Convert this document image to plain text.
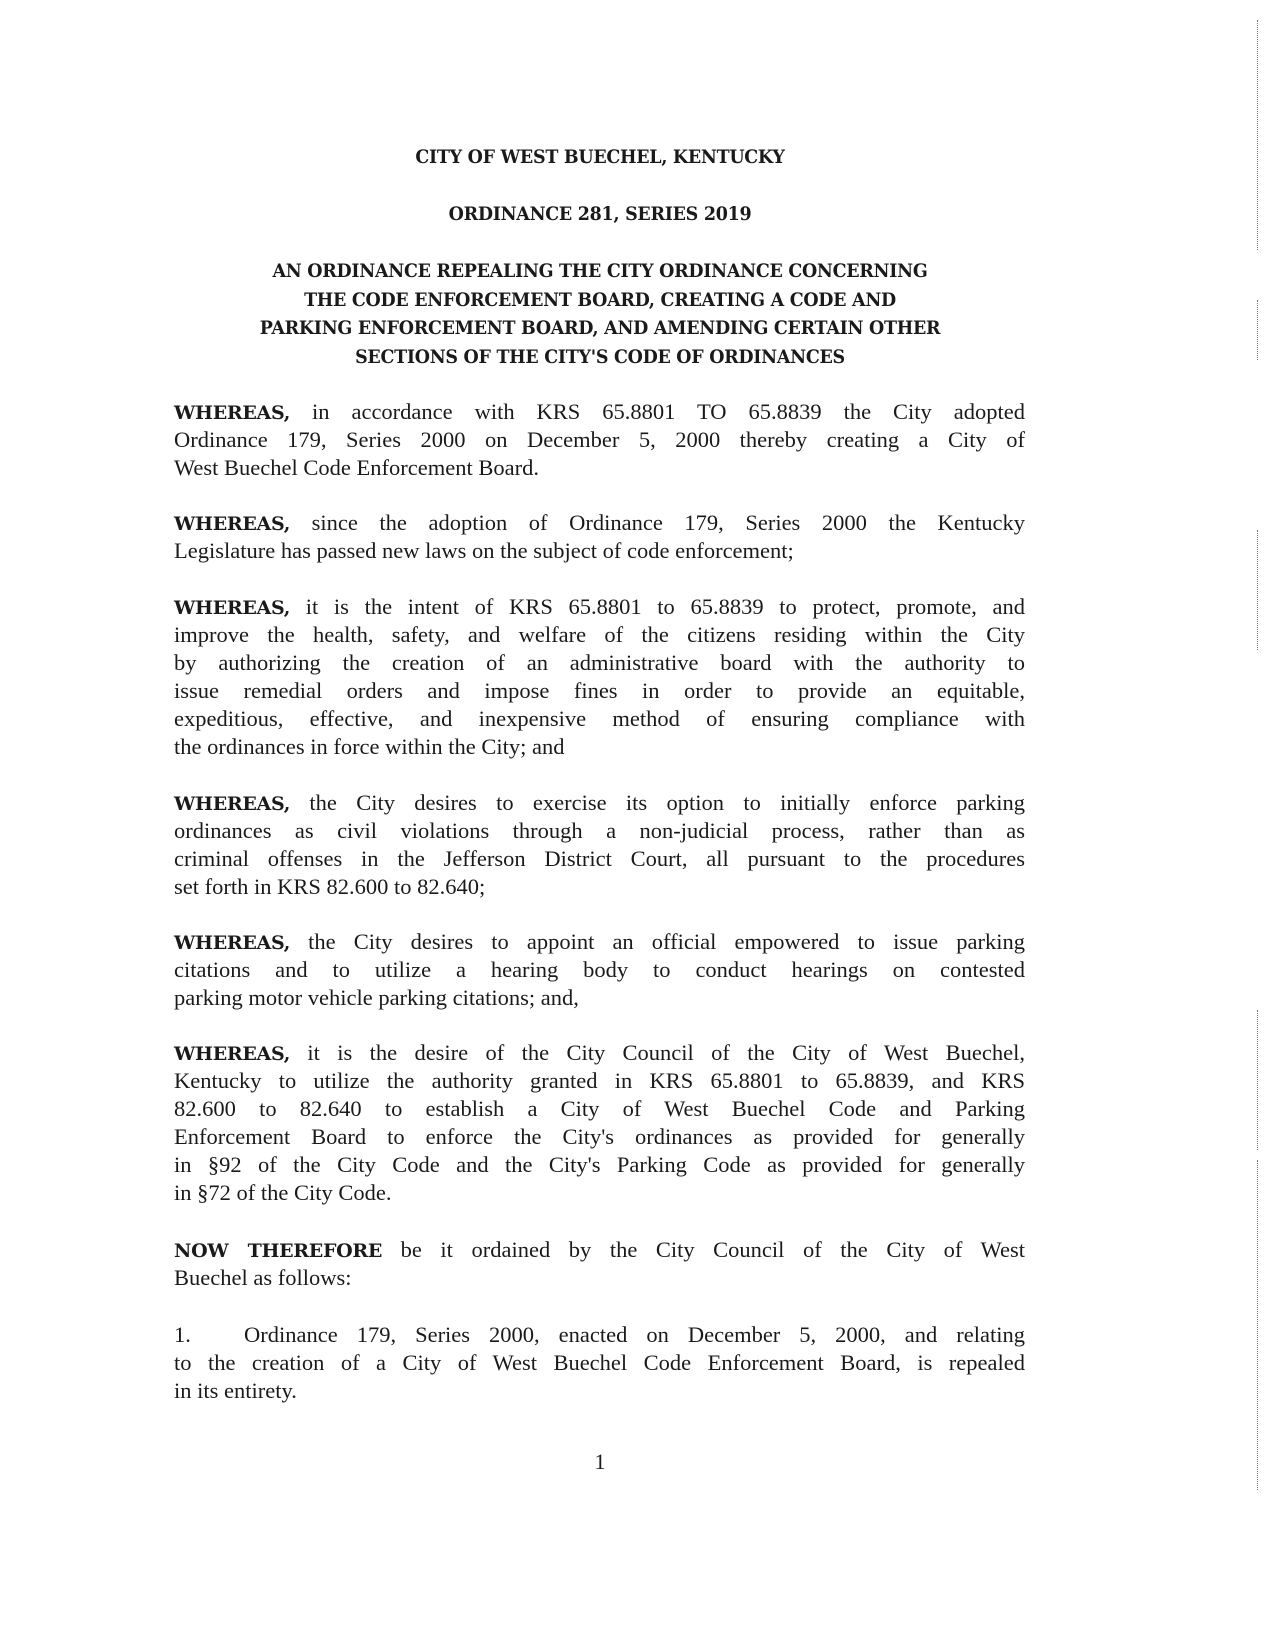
CITY OF WEST BUECHEL, KENTUCKY
ORDINANCE 281, SERIES 2019
AN ORDINANCE REPEALING THE CITY ORDINANCE CONCERNING
THE CODE ENFORCEMENT BOARD, CREATING A CODE AND
PARKING ENFORCEMENT BOARD, AND AMENDING CERTAIN OTHER
SECTIONS OF THE CITY'S CODE OF ORDINANCES
WHEREAS, in accordance with KRS 65.8801 TO 65.8839 the City adopted
Ordinance 179, Series 2000 on December 5, 2000 thereby creating a City of
West Buechel Code Enforcement Board.
WHEREAS, since the adoption of Ordinance 179, Series 2000 the Kentucky
Legislature has passed new laws on the subject of code enforcement;
WHEREAS, it is the intent of KRS 65.8801 to 65.8839 to protect, promote, and
improve the health, safety, and welfare of the citizens residing within the City
by authorizing the creation of an administrative board with the authority to
issue remedial orders and impose fines in order to provide an equitable,
expeditious, effective, and inexpensive method of ensuring compliance with
the ordinances in force within the City; and
WHEREAS, the City desires to exercise its option to initially enforce parking
ordinances as civil violations through a non-judicial process, rather than as
criminal offenses in the Jefferson District Court, all pursuant to the procedures
set forth in KRS 82.600 to 82.640;
WHEREAS, the City desires to appoint an official empowered to issue parking
citations and to utilize a hearing body to conduct hearings on contested
parking motor vehicle parking citations; and,
WHEREAS, it is the desire of the City Council of the City of West Buechel,
Kentucky to utilize the authority granted in KRS 65.8801 to 65.8839, and KRS
82.600 to 82.640 to establish a City of West Buechel Code and Parking
Enforcement Board to enforce the City's ordinances as provided for generally
in §92 of the City Code and the City's Parking Code as provided for generally
in §72 of the City Code.
NOW THEREFORE be it ordained by the City Council of the City of West
Buechel as follows:
1. Ordinance 179, Series 2000, enacted on December 5, 2000, and relating
to the creation of a City of West Buechel Code Enforcement Board, is repealed
in its entirety.
1
